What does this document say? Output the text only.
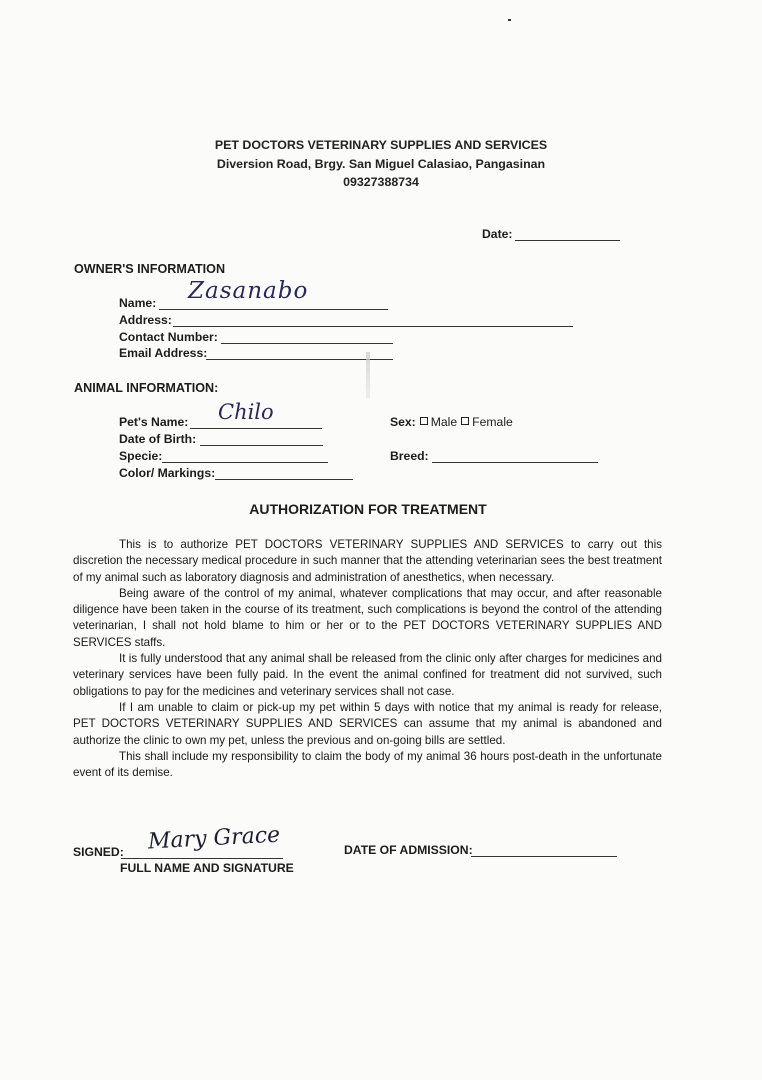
PET DOCTORS VETERINARY SUPPLIES AND SERVICES
Diversion Road, Brgy. San Miguel Calasiao, Pangasinan
09327388734
Date:
OWNER'S INFORMATION
Name: Zasanabo
Address:
Contact Number:
Email Address:
ANIMAL INFORMATION:
Pet's Name: Chilo
Date of Birth:
Specie:
Color/ Markings:
Sex: Male Female
Breed:
AUTHORIZATION FOR TREATMENT

This is to authorize PET DOCTORS VETERINARY SUPPLIES AND SERVICES to carry out this discretion the necessary medical procedure in such manner that the attending veterinarian sees the best treatment of my animal such as laboratory diagnosis and administration of anesthetics, when necessary.

Being aware of the control of my animal, whatever complications that may occur, and after reasonable diligence have been taken in the course of its treatment, such complications is beyond the control of the attending veterinarian, I shall not hold blame to him or her or to the PET DOCTORS VETERINARY SUPPLIES AND SERVICES staffs.

It is fully understood that any animal shall be released from the clinic only after charges for medicines and veterinary services have been fully paid. In the event the animal confined for treatment did not survived, such obligations to pay for the medicines and veterinary services shall not case.

If I am unable to claim or pick-up my pet within 5 days with notice that my animal is ready for release, PET DOCTORS VETERINARY SUPPLIES AND SERVICES can assume that my animal is abandoned and authorize the clinic to own my pet, unless the previous and on-going bills are settled.

This shall include my responsibility to claim the body of my animal 36 hours post-death in the unfortunate event of its demise.

SIGNED: Mary Grace
FULL NAME AND SIGNATURE
DATE OF ADMISSION:
